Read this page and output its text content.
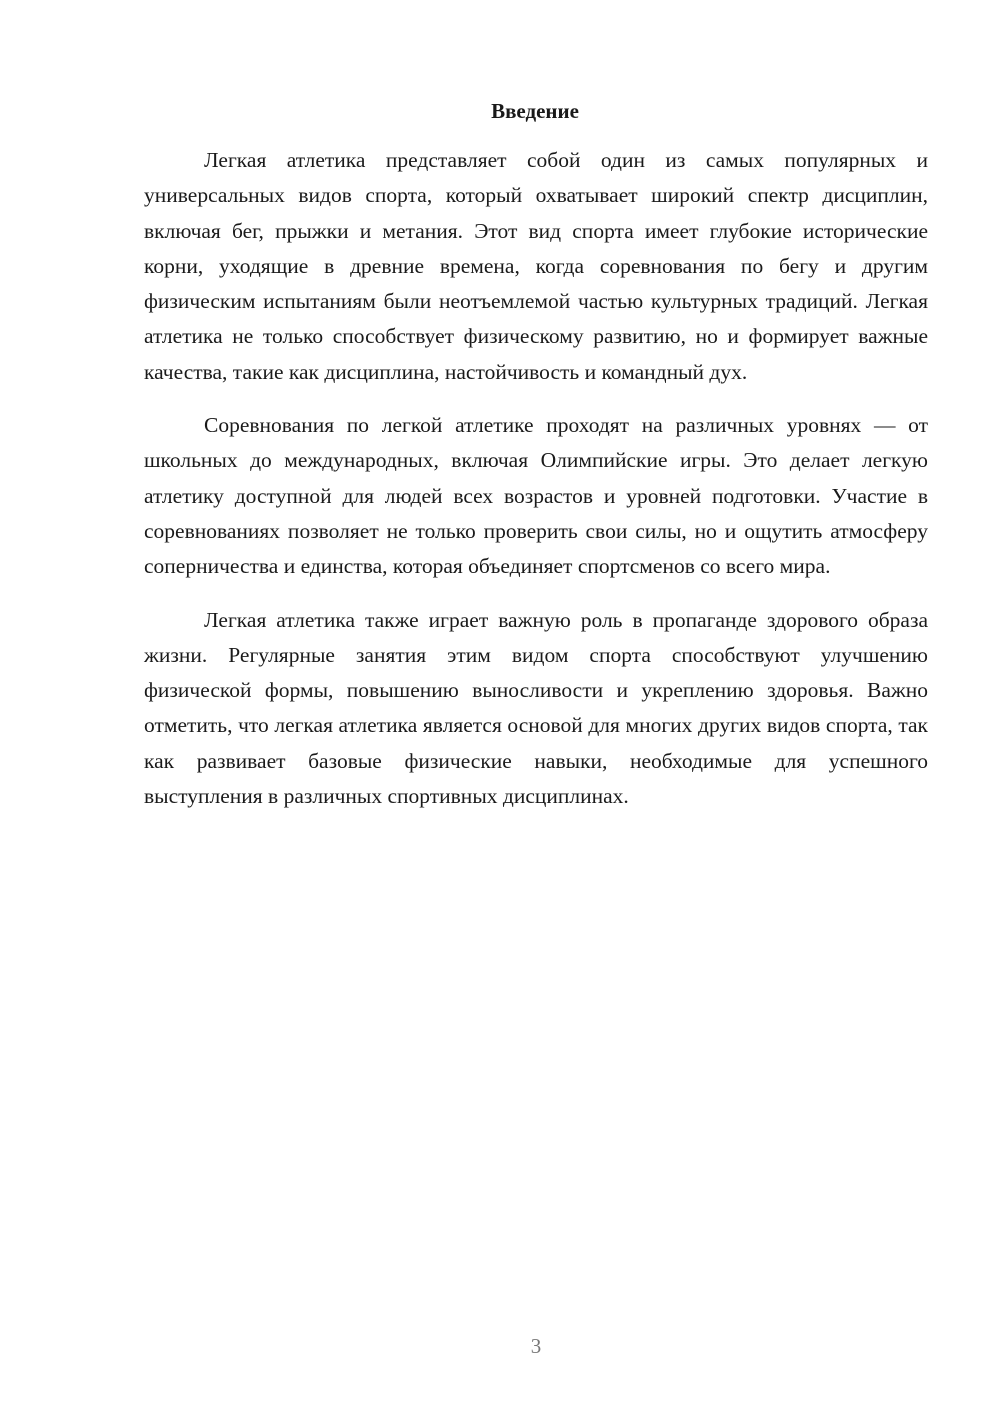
Введение

Легкая атлетика представляет собой один из самых популярных и универсальных видов спорта, который охватывает широкий спектр дисциплин, включая бег, прыжки и метания. Этот вид спорта имеет глубокие исторические корни, уходящие в древние времена, когда соревнования по бегу и другим физическим испытаниям были неотъемлемой частью культурных традиций. Легкая атлетика не только способствует физическому развитию, но и формирует важные качества, такие как дисциплина, настойчивость и командный дух.

Соревнования по легкой атлетике проходят на различных уровнях — от школьных до международных, включая Олимпийские игры. Это делает легкую атлетику доступной для людей всех возрастов и уровней подготовки. Участие в соревнованиях позволяет не только проверить свои силы, но и ощутить атмосферу соперничества и единства, которая объединяет спортсменов со всего мира.

Легкая атлетика также играет важную роль в пропаганде здорового образа жизни. Регулярные занятия этим видом спорта способствуют улучшению физической формы, повышению выносливости и укреплению здоровья. Важно отметить, что легкая атлетика является основой для многих других видов спорта, так как развивает базовые физические навыки, необходимые для успешного выступления в различных спортивных дисциплинах.

3
